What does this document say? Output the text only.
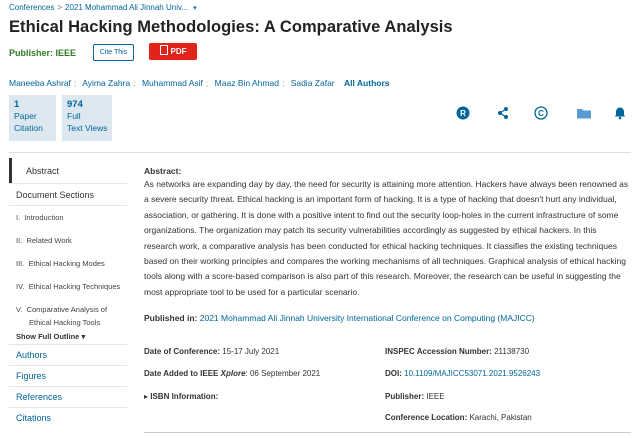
Conferences > 2021 Mohammad Ali Jinnah Univ... ▾
Ethical Hacking Methodologies: A Comparative Analysis
Publisher: IEEE	Cite This	PDF
Maneeba Ashraf ; Ayima Zahra ; Muhammad Asif ; Maaz Bin Ahmad ; Sadia Zafar All Authors
1
Paper
Citation
974
Full
Text Views
R	C
Abstract
Document Sections
I. Introduction
II. Related Work
III. Ethical Hacking Modes
IV. Ethical Hacking Techniques
V. Comparative Analysis of
Ethical Hacking Tools
Show Full Outline ▾
Authors
Figures
References
Citations
Abstract:
As networks are expanding day by day, the need for security is attaining more attention. Hackers have always been renowned as a severe security threat. Ethical hacking is an important form of hacking. It is a type of hacking that doesn't hurt any individual, association, or gathering. It is done with a positive intent to find out the security loop-holes in the current infrastructure of some organizations. The organization may patch its security vulnerabilities accordingly as suggested by ethical hackers. In this research work, a comparative analysis has been conducted for ethical hacking techniques. It classifies the existing techniques based on their working principles and compares the working mechanisms of all techniques. Graphical analysis of ethical hacking tools along with a score-based comparison is also part of this research. Moreover, the research can be useful in suggesting the most appropriate tool to be used for a particular scenario.
Published in: 2021 Mohammad Ali Jinnah University International Conference on Computing (MAJICC)
Date of Conference: 15-17 July 2021
Date Added to IEEE Xplore: 06 September 2021
▸ ISBN Information:
INSPEC Accession Number: 21138730
DOI: 10.1109/MAJICC53071.2021.9526243
Publisher: IEEE
Conference Location: Karachi, Pakistan
